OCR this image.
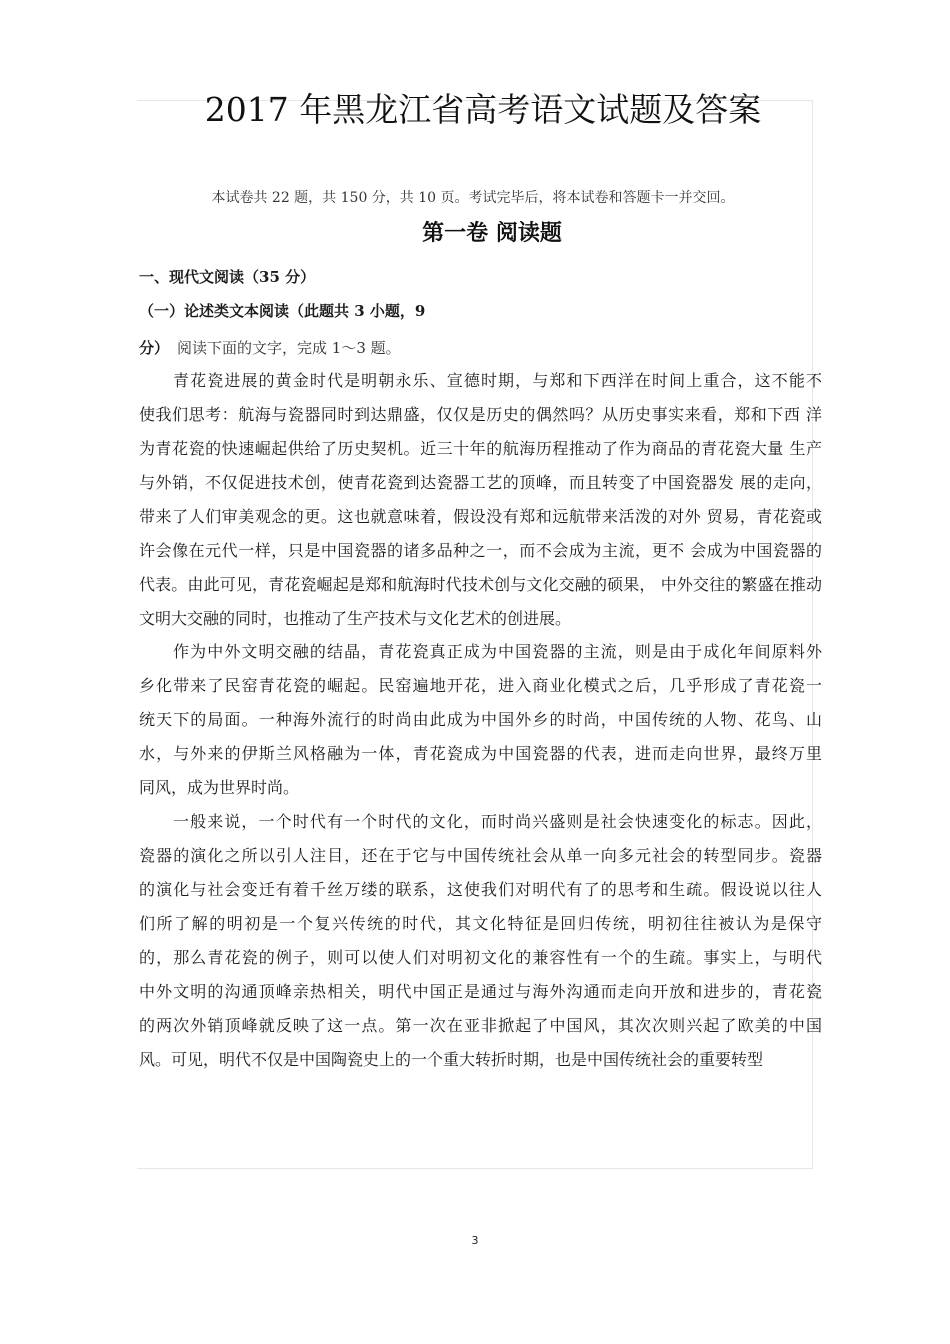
2017 年黑龙江省高考语文试题及答案
本试卷共 22 题，共 150 分，共 10 页。考试完毕后，将本试卷和答题卡一并交回。
第一卷 阅读题
一、现代文阅读（35 分）
（一）论述类文本阅读（此题共 3 小题，9
分） 阅读下面的文字，完成 1～3 题。
青花瓷进展的黄金时代是明朝永乐、宣德时期，与郑和下西洋在时间上重合，这不能不
使我们思考：航海与瓷器同时到达鼎盛，仅仅是历史的偶然吗？从历史事实来看，郑和下西 洋
为青花瓷的快速崛起供给了历史契机。近三十年的航海历程推动了作为商品的青花瓷大量 生产
与外销，不仅促进技术创，使青花瓷到达瓷器工艺的顶峰，而且转变了中国瓷器发 展的走向，
带来了人们审美观念的更。这也就意味着，假设没有郑和远航带来活泼的对外 贸易，青花瓷或
许会像在元代一样，只是中国瓷器的诸多品种之一，而不会成为主流，更不 会成为中国瓷器的
代表。由此可见，青花瓷崛起是郑和航海时代技术创与文化交融的硕果， 中外交往的繁盛在推动
文明大交融的同时，也推动了生产技术与文化艺术的创进展。
作为中外文明交融的结晶，青花瓷真正成为中国瓷器的主流，则是由于成化年间原料外
乡化带来了民窑青花瓷的崛起。民窑遍地开花，进入商业化模式之后，几乎形成了青花瓷一
统天下的局面。一种海外流行的时尚由此成为中国外乡的时尚，中国传统的人物、花鸟、山
水，与外来的伊斯兰风格融为一体，青花瓷成为中国瓷器的代表，进而走向世界，最终万里
同风，成为世界时尚。
一般来说，一个时代有一个时代的文化，而时尚兴盛则是社会快速变化的标志。因此，
瓷器的演化之所以引人注目，还在于它与中国传统社会从单一向多元社会的转型同步。瓷器
的演化与社会变迁有着千丝万缕的联系，这使我们对明代有了的思考和生疏。假设说以往人
们所了解的明初是一个复兴传统的时代，其文化特征是回归传统，明初往往被认为是保守
的，那么青花瓷的例子，则可以使人们对明初文化的兼容性有一个的生疏。事实上，与明代
中外文明的沟通顶峰亲热相关，明代中国正是通过与海外沟通而走向开放和进步的，青花瓷
的两次外销顶峰就反映了这一点。第一次在亚非掀起了中国风，其次次则兴起了欧美的中国
风。可见，明代不仅是中国陶瓷史上的一个重大转折时期，也是中国传统社会的重要转型
3
